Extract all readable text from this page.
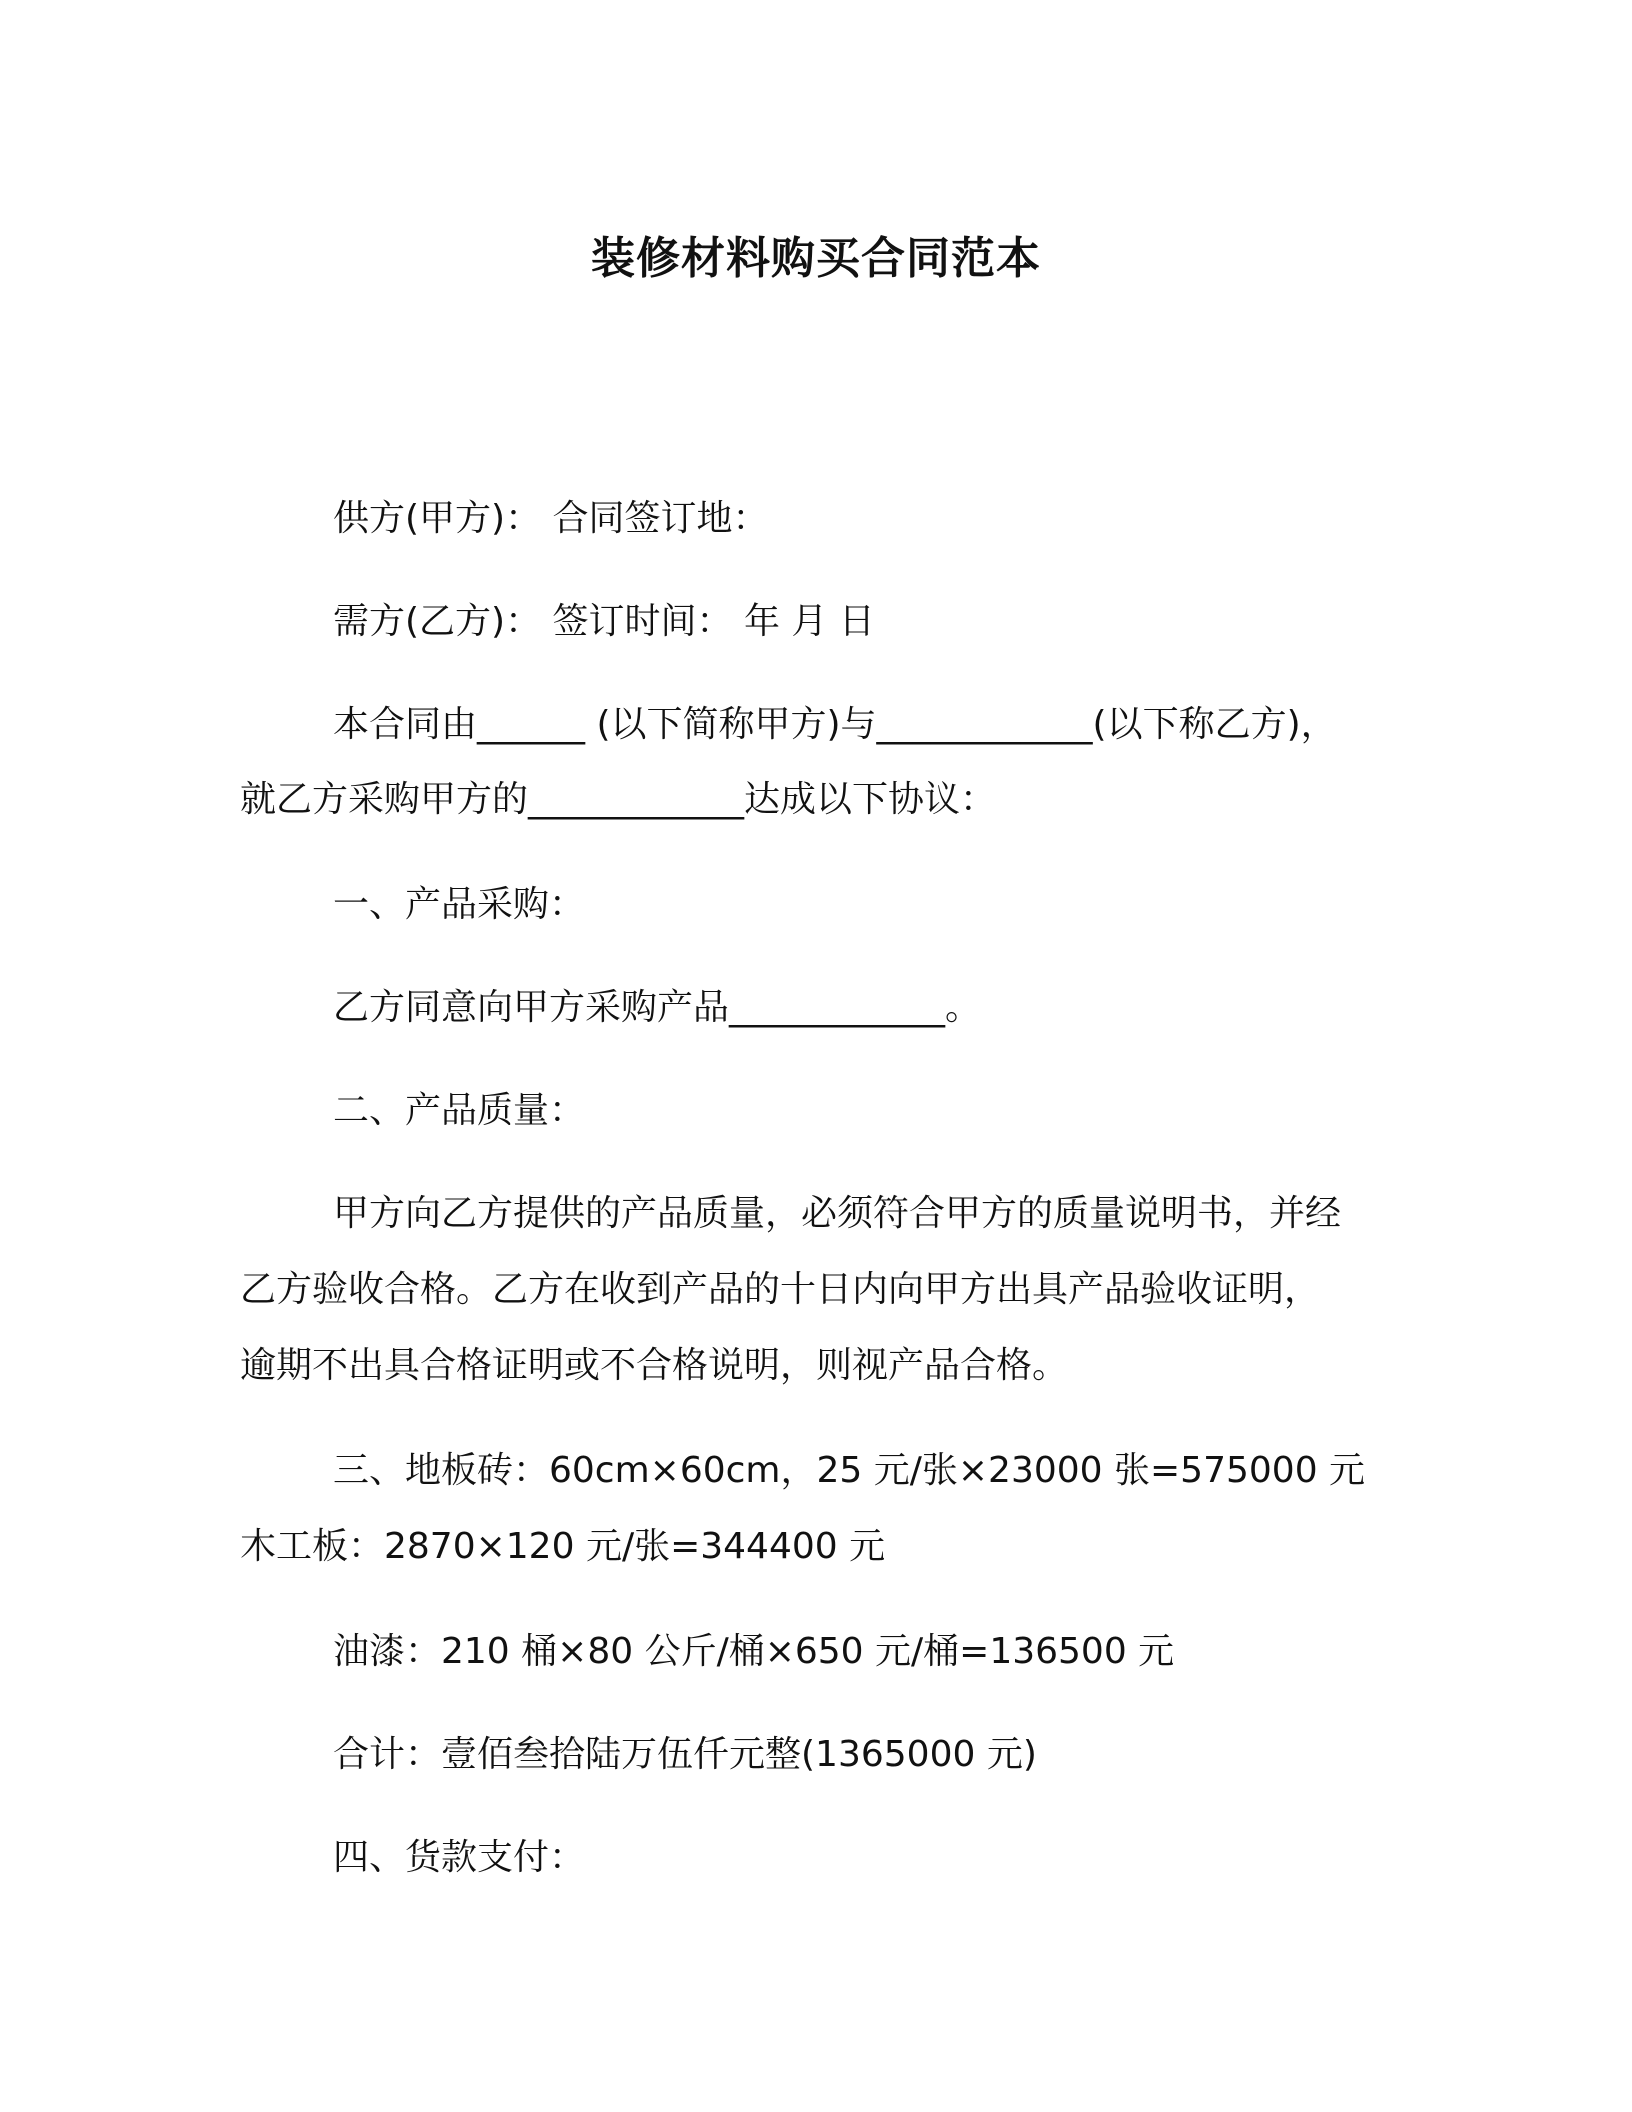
装修材料购买合同范本

供方(甲方)： 合同签订地：

需方(乙方)： 签订时间： 年 月 日

本合同由______ (以下简称甲方)与____________(以下称乙方)，

就乙方采购甲方的____________达成以下协议：

一、产品采购：

乙方同意向甲方采购产品____________。

二、产品质量：

甲方向乙方提供的产品质量，必须符合甲方的质量说明书，并经

乙方验收合格。乙方在收到产品的十日内向甲方出具产品验收证明，

逾期不出具合格证明或不合格说明，则视产品合格。

三、地板砖：60cm×60cm，25 元/张×23000 张=575000 元

木工板：2870×120 元/张=344400 元

油漆：210 桶×80 公斤/桶×650 元/桶=136500 元

合计：壹佰叁拾陆万伍仟元整(1365000 元)

四、货款支付：
